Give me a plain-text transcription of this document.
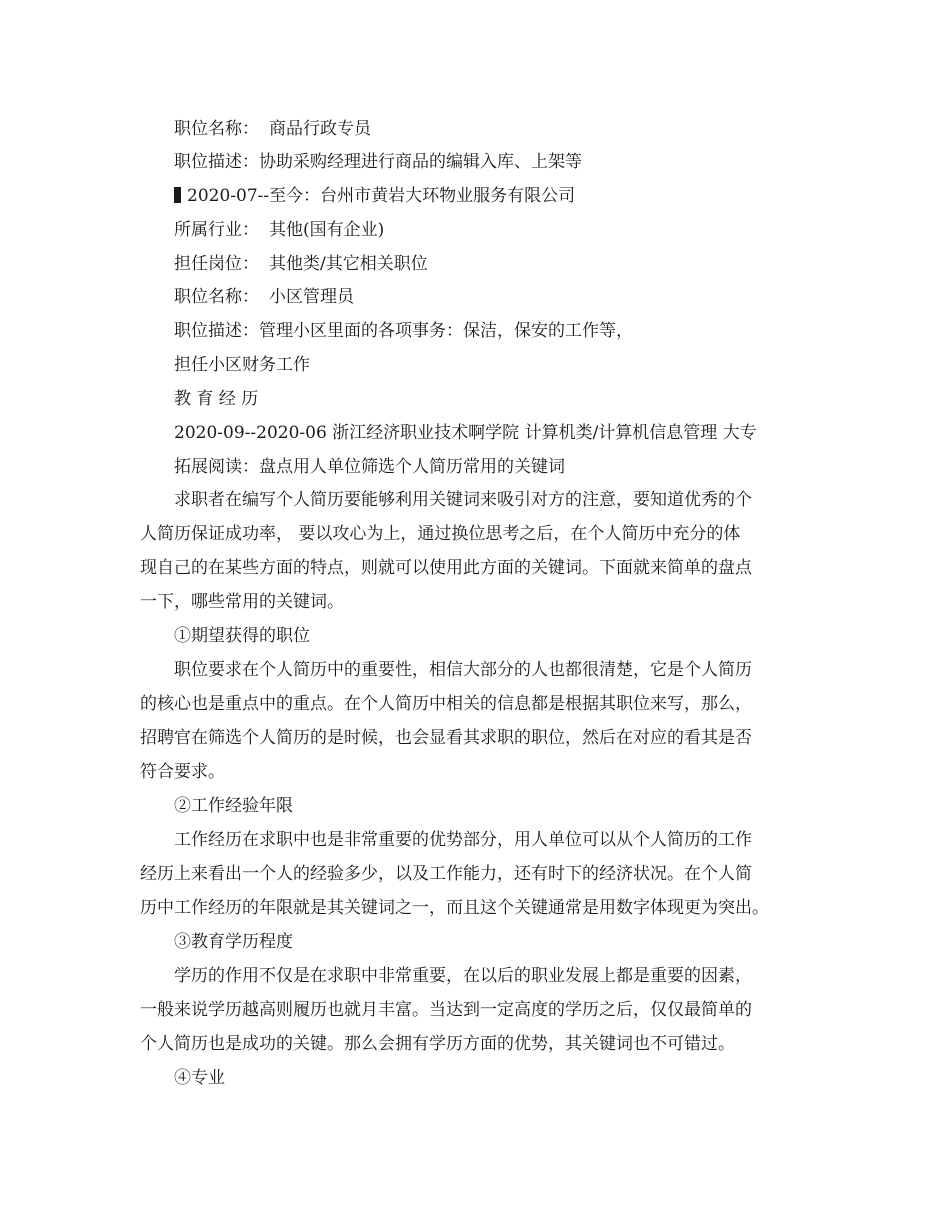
职位名称： 商品行政专员
职位描述：协助采购经理进行商品的编辑入库、上架等
2020-07--至今：台州市黄岩大环物业服务有限公司
所属行业： 其他(国有企业)
担任岗位： 其他类/其它相关职位
职位名称： 小区管理员
职位描述：管理小区里面的各项事务：保洁，保安的工作等，
担任小区财务工作
教 育 经 历
2020-09--2020-06 浙江经济职业技术啊学院 计算机类/计算机信息管理 大专
拓展阅读：盘点用人单位筛选个人简历常用的关键词
求职者在编写个人简历要能够利用关键词来吸引对方的注意，要知道优秀的个
人简历保证成功率， 要以攻心为上，通过换位思考之后，在个人简历中充分的体
现自己的在某些方面的特点，则就可以使用此方面的关键词。下面就来简单的盘点
一下，哪些常用的关键词。
①期望获得的职位
职位要求在个人简历中的重要性，相信大部分的人也都很清楚，它是个人简历
的核心也是重点中的重点。在个人简历中相关的信息都是根据其职位来写，那么，
招聘官在筛选个人简历的是时候，也会显看其求职的职位，然后在对应的看其是否
符合要求。
②工作经验年限
工作经历在求职中也是非常重要的优势部分，用人单位可以从个人简历的工作
经历上来看出一个人的经验多少，以及工作能力，还有时下的经济状况。在个人简
历中工作经历的年限就是其关键词之一，而且这个关键通常是用数字体现更为突出。
③教育学历程度
学历的作用不仅是在求职中非常重要，在以后的职业发展上都是重要的因素，
一般来说学历越高则履历也就月丰富。当达到一定高度的学历之后，仅仅最简单的
个人简历也是成功的关键。那么会拥有学历方面的优势，其关键词也不可错过。
④专业
